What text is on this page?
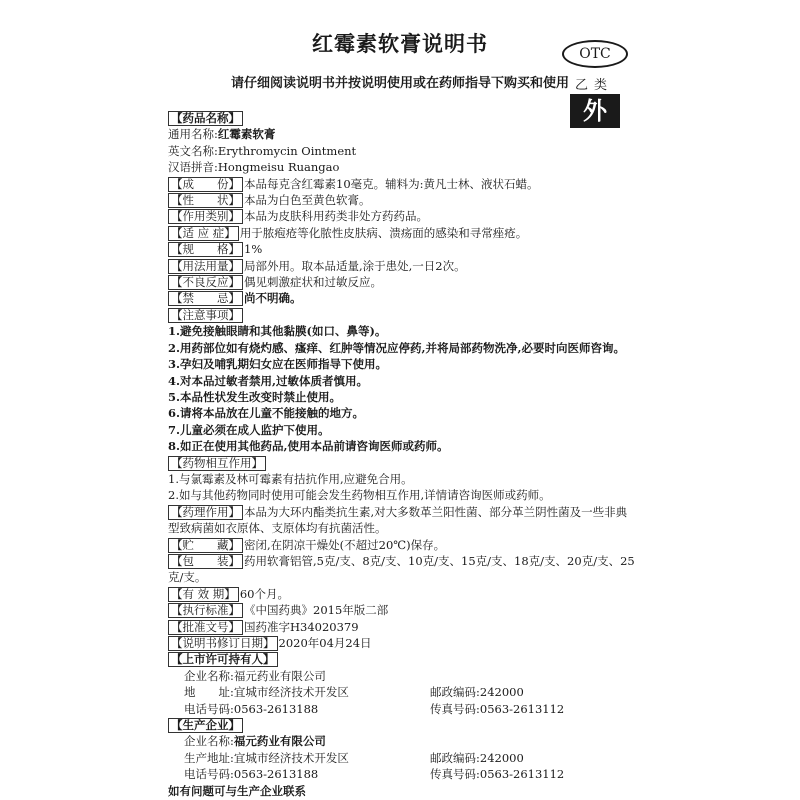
红霉素软膏说明书
请仔细阅读说明书并按说明使用或在药师指导下购买和使用
OTC
乙类
外
【药品名称】
通用名称:红霉素软膏
英文名称:Erythromycin Ointment
汉语拼音:Hongmeisu Ruangao
【成　　份】 本品每克含红霉素10毫克。辅料为:黄凡士林、液状石蜡。
【性　　状】 本品为白色至黄色软膏。
【作用类别】 本品为皮肤科用药类非处方药药品。
【适 应 症】 用于脓疱疮等化脓性皮肤病、溃疡面的感染和寻常痤疮。
【规　　格】 1%
【用法用量】 局部外用。取本品适量,涂于患处,一日2次。
【不良反应】 偶见刺激症状和过敏反应。
【禁　　忌】 尚不明确。
【注意事项】
1.避免接触眼睛和其他黏膜(如口、鼻等)。
2.用药部位如有烧灼感、瘙痒、红肿等情况应停药,并将局部药物洗净,必要时向医师咨询。
3.孕妇及哺乳期妇女应在医师指导下使用。
4.对本品过敏者禁用,过敏体质者慎用。
5.本品性状发生改变时禁止使用。
6.请将本品放在儿童不能接触的地方。
7.儿童必须在成人监护下使用。
8.如正在使用其他药品,使用本品前请咨询医师或药师。
【药物相互作用】
1.与氯霉素及林可霉素有拮抗作用,应避免合用。
2.如与其他药物同时使用可能会发生药物相互作用,详情请咨询医师或药师。
【药理作用】 本品为大环内酯类抗生素,对大多数革兰阳性菌、部分革兰阴性菌及一些非典型致病菌如衣原体、支原体均有抗菌活性。
【贮　　藏】 密闭,在阴凉干燥处(不超过20℃)保存。
【包　　装】 药用软膏铝管,5克/支、8克/支、10克/支、15克/支、18克/支、20克/支、25克/支。
【有 效 期】 60个月。
【执行标准】 《中国药典》2015年版二部
【批准文号】 国药准字H34020379
【说明书修订日期】 2020年04月24日
【上市许可持有人】
企业名称:福元药业有限公司
地　　址:宜城市经济技术开发区	邮政编码:242000
电话号码:0563-2613188	传真号码:0563-2613112
【生产企业】
企业名称:福元药业有限公司
生产地址:宜城市经济技术开发区	邮政编码:242000
电话号码:0563-2613188	传真号码:0563-2613112
如有问题可与生产企业联系
